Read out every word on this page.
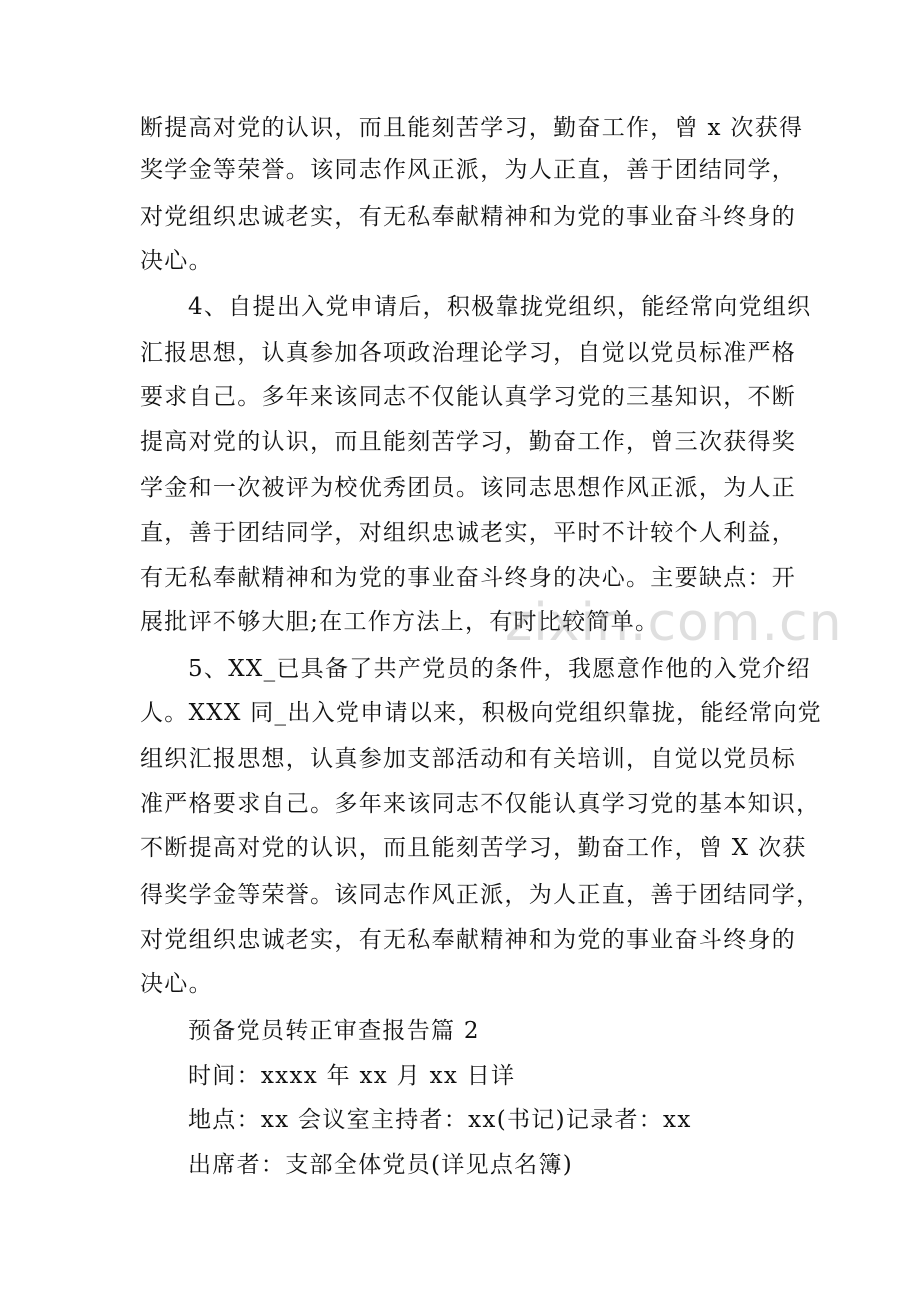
断提高对党的认识，而且能刻苦学习，勤奋工作，曾 x 次获得
奖学金等荣誉。该同志作风正派，为人正直，善于团结同学，
对党组织忠诚老实，有无私奉献精神和为党的事业奋斗终身的
决心。
4、自提出入党申请后，积极靠拢党组织，能经常向党组织
汇报思想，认真参加各项政治理论学习，自觉以党员标准严格
要求自己。多年来该同志不仅能认真学习党的三基知识，不断
提高对党的认识，而且能刻苦学习，勤奋工作，曾三次获得奖
学金和一次被评为校优秀团员。该同志思想作风正派，为人正
直，善于团结同学，对组织忠诚老实，平时不计较个人利益，
有无私奉献精神和为党的事业奋斗终身的决心。主要缺点：开
展批评不够大胆;在工作方法上，有时比较简单。
5、XX_已具备了共产党员的条件，我愿意作他的入党介绍
人。XXX 同_出入党申请以来，积极向党组织靠拢，能经常向党
组织汇报思想，认真参加支部活动和有关培训，自觉以党员标
准严格要求自己。多年来该同志不仅能认真学习党的基本知识，
不断提高对党的认识，而且能刻苦学习，勤奋工作，曾 X 次获
得奖学金等荣誉。该同志作风正派，为人正直，善于团结同学，
对党组织忠诚老实，有无私奉献精神和为党的事业奋斗终身的
决心。
预备党员转正审查报告篇 2
时间：xxxx 年 xx 月 xx 日详
地点：xx 会议室主持者：xx(书记)记录者：xx
出席者：支部全体党员(详见点名簿)
zixin.com.cn
